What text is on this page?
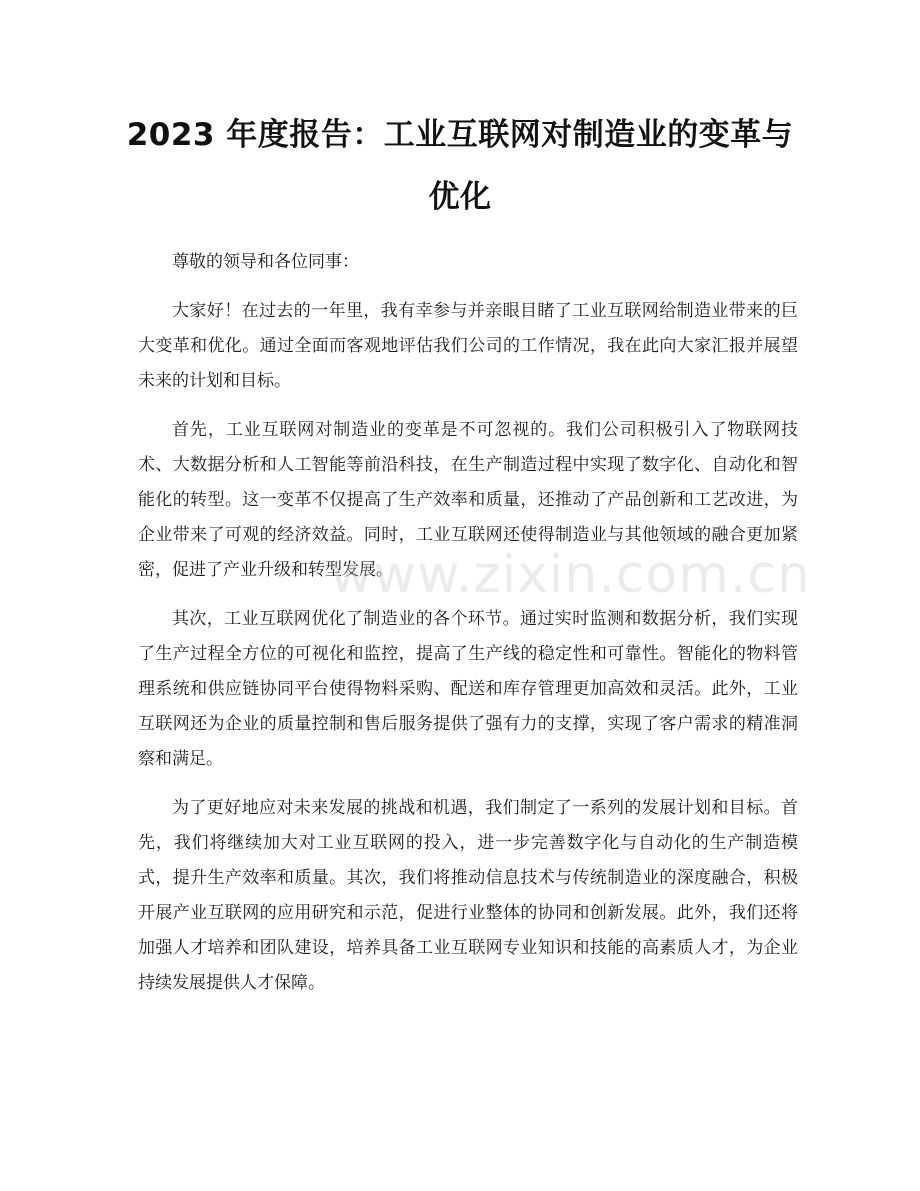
2023 年度报告：工业互联网对制造业的变革与优化

尊敬的领导和各位同事：

大家好！在过去的一年里，我有幸参与并亲眼目睹了工业互联网给制造业带来的巨大变革和优化。通过全面而客观地评估我们公司的工作情况，我在此向大家汇报并展望未来的计划和目标。

首先，工业互联网对制造业的变革是不可忽视的。我们公司积极引入了物联网技术、大数据分析和人工智能等前沿科技，在生产制造过程中实现了数字化、自动化和智能化的转型。这一变革不仅提高了生产效率和质量，还推动了产品创新和工艺改进，为企业带来了可观的经济效益。同时，工业互联网还使得制造业与其他领域的融合更加紧密，促进了产业升级和转型发展。

其次，工业互联网优化了制造业的各个环节。通过实时监测和数据分析，我们实现了生产过程全方位的可视化和监控，提高了生产线的稳定性和可靠性。智能化的物料管理系统和供应链协同平台使得物料采购、配送和库存管理更加高效和灵活。此外，工业互联网还为企业的质量控制和售后服务提供了强有力的支撑，实现了客户需求的精准洞察和满足。

为了更好地应对未来发展的挑战和机遇，我们制定了一系列的发展计划和目标。首先，我们将继续加大对工业互联网的投入，进一步完善数字化与自动化的生产制造模式，提升生产效率和质量。其次，我们将推动信息技术与传统制造业的深度融合，积极开展产业互联网的应用研究和示范，促进行业整体的协同和创新发展。此外，我们还将加强人才培养和团队建设，培养具备工业互联网专业知识和技能的高素质人才，为企业持续发展提供人才保障。

www.zixin.com.cn
